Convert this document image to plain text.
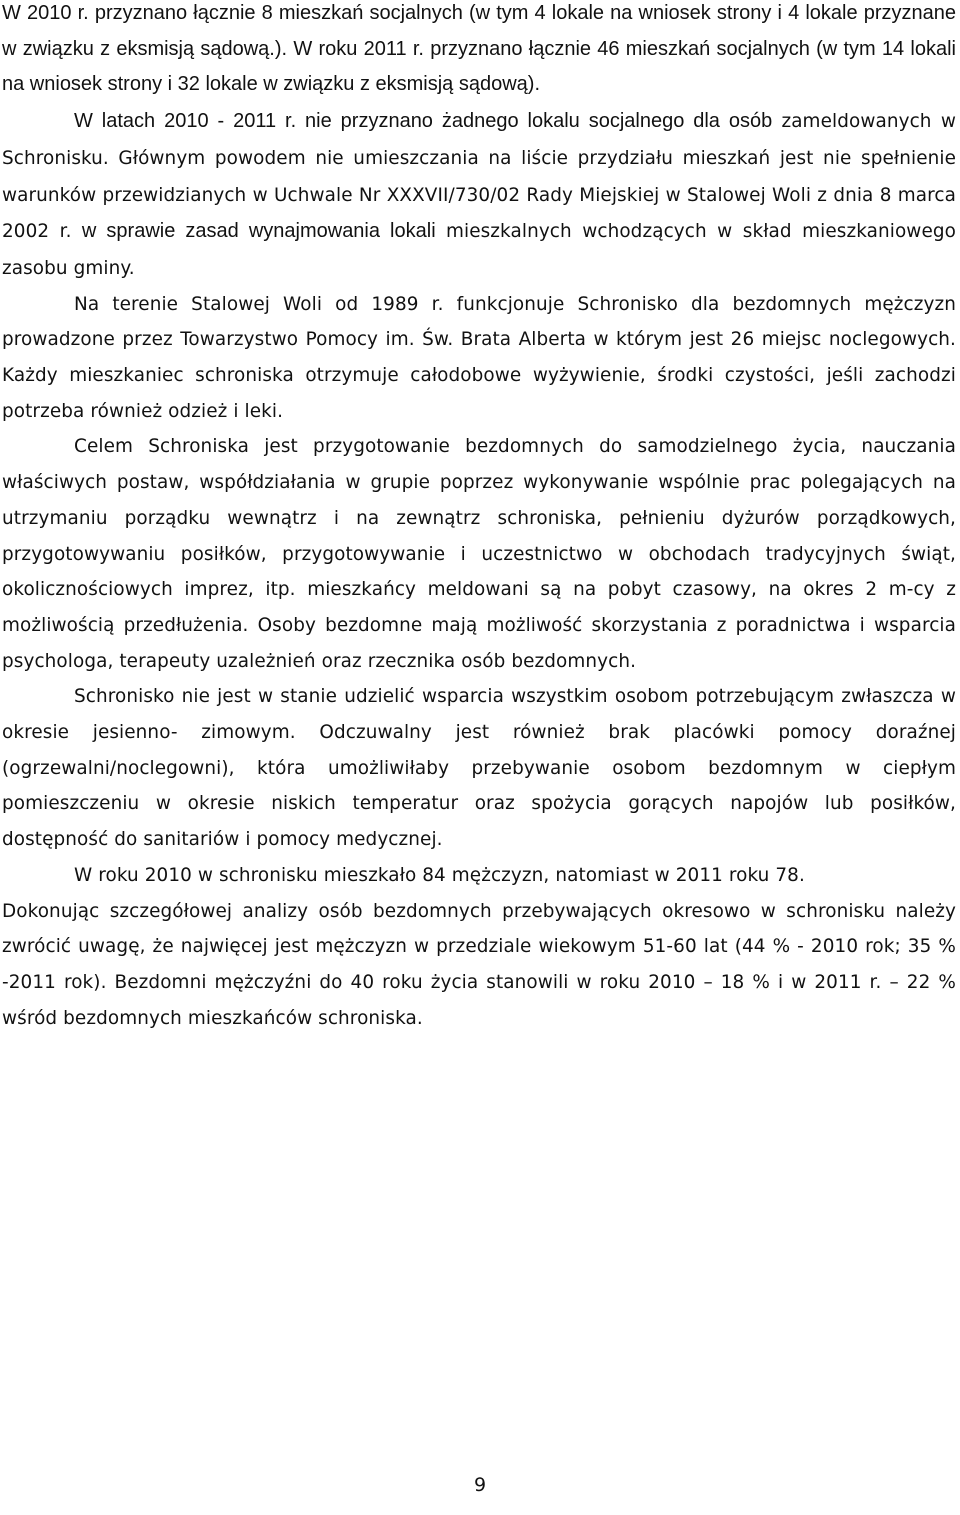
W 2010 r. przyznano łącznie 8 mieszkań socjalnych (w tym 4 lokale na wniosek strony i 4 lokale przyznane w związku z eksmisją sądową.). W roku 2011 r. przyznano łącznie 46 mieszkań socjalnych (w tym 14 lokali na wniosek strony i 32 lokale w związku z eksmisją sądową).

W latach 2010 - 2011 r. nie przyznano żadnego lokalu socjalnego dla osób zameldowanych w Schronisku. Głównym powodem nie umieszczania na liście przydziału mieszkań jest nie spełnienie warunków przewidzianych w Uchwale Nr XXXVII/730/02 Rady Miejskiej w Stalowej Woli z dnia 8 marca 2002 r. w sprawie zasad wynajmowania lokali mieszkalnych wchodzących w skład mieszkaniowego zasobu gminy.

Na terenie Stalowej Woli od 1989 r. funkcjonuje Schronisko dla bezdomnych mężczyzn prowadzone przez Towarzystwo Pomocy im. Św. Brata Alberta w którym jest 26 miejsc noclegowych. Każdy mieszkaniec schroniska otrzymuje całodobowe wyżywienie, środki czystości, jeśli zachodzi potrzeba również odzież i leki.

Celem Schroniska jest przygotowanie bezdomnych do samodzielnego życia, nauczania właściwych postaw, współdziałania w grupie poprzez wykonywanie wspólnie prac polegających na utrzymaniu porządku wewnątrz i na zewnątrz schroniska, pełnieniu dyżurów porządkowych, przygotowywaniu posiłków, przygotowywanie i uczestnictwo w obchodach tradycyjnych świąt, okolicznościowych imprez, itp. mieszkańcy meldowani są na pobyt czasowy, na okres 2 m-cy z możliwością przedłużenia. Osoby bezdomne mają możliwość skorzystania z poradnictwa i wsparcia psychologa, terapeuty uzależnień oraz rzecznika osób bezdomnych.

Schronisko nie jest w stanie udzielić wsparcia wszystkim osobom potrzebującym zwłaszcza w okresie jesienno- zimowym. Odczuwalny jest również brak placówki pomocy doraźnej (ogrzewalni/noclegowni), która umożliwiłaby przebywanie osobom bezdomnym w ciepłym pomieszczeniu w okresie niskich temperatur oraz spożycia gorących napojów lub posiłków, dostępność do sanitariów i pomocy medycznej.

W roku 2010 w schronisku mieszkało 84 mężczyzn, natomiast w 2011 roku 78.

Dokonując szczegółowej analizy osób bezdomnych przebywających okresowo w schronisku należy zwrócić uwagę, że najwięcej jest mężczyzn w przedziale wiekowym 51-60 lat (44 % - 2010 rok; 35 % -2011 rok). Bezdomni mężczyźni do 40 roku życia stanowili w roku 2010 – 18 % i w 2011 r. – 22 % wśród bezdomnych mieszkańców schroniska.

9
